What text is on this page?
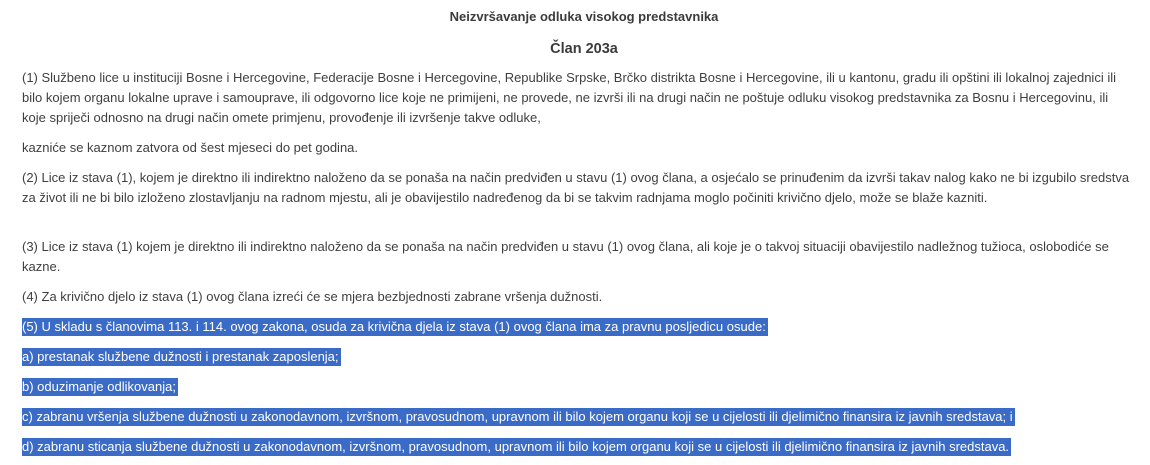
Neizvršavanje odluka visokog predstavnika
Član 203a

(1) Službeno lice u instituciji Bosne i Hercegovine, Federacije Bosne i Hercegovine, Republike Srpske, Brčko distrikta Bosne i Hercegovine, ili u kantonu, gradu ili opštini ili lokalnoj zajednici ili bilo kojem organu lokalne uprave i samouprave, ili odgovorno lice koje ne primijeni, ne provede, ne izvrši ili na drugi način ne poštuje odluku visokog predstavnika za Bosnu i Hercegovinu, ili koje spriječi odnosno na drugi način omete primjenu, provođenje ili izvršenje takve odluke,

kazniće se kaznom zatvora od šest mjeseci do pet godina.

(2) Lice iz stava (1), kojem je direktno ili indirektno naloženo da se ponaša na način predviđen u stavu (1) ovog člana, a osjećalo se prinuđenim da izvrši takav nalog kako ne bi izgubilo sredstva za život ili ne bi bilo izloženo zlostavljanju na radnom mjestu, ali je obavijestilo nadređenog da bi se takvim radnjama moglo počiniti krivično djelo, može se blaže kazniti.

(3) Lice iz stava (1) kojem je direktno ili indirektno naloženo da se ponaša na način predviđen u stavu (1) ovog člana, ali koje je o takvoj situaciji obavijestilo nadležnog tužioca, oslobodiće se kazne.

(4) Za krivično djelo iz stava (1) ovog člana izreći će se mjera bezbjednosti zabrane vršenja dužnosti.

(5) U skladu s članovima 113. i 114. ovog zakona, osuda za krivična djela iz stava (1) ovog člana ima za pravnu posljedicu osude:

a) prestanak službene dužnosti i prestanak zaposlenja;

b) oduzimanje odlikovanja;

c) zabranu vršenja službene dužnosti u zakonodavnom, izvršnom, pravosudnom, upravnom ili bilo kojem organu koji se u cijelosti ili djelimično finansira iz javnih sredstava; i

d) zabranu sticanja službene dužnosti u zakonodavnom, izvršnom, pravosudnom, upravnom ili bilo kojem organu koji se u cijelosti ili djelimično finansira iz javnih sredstava.
